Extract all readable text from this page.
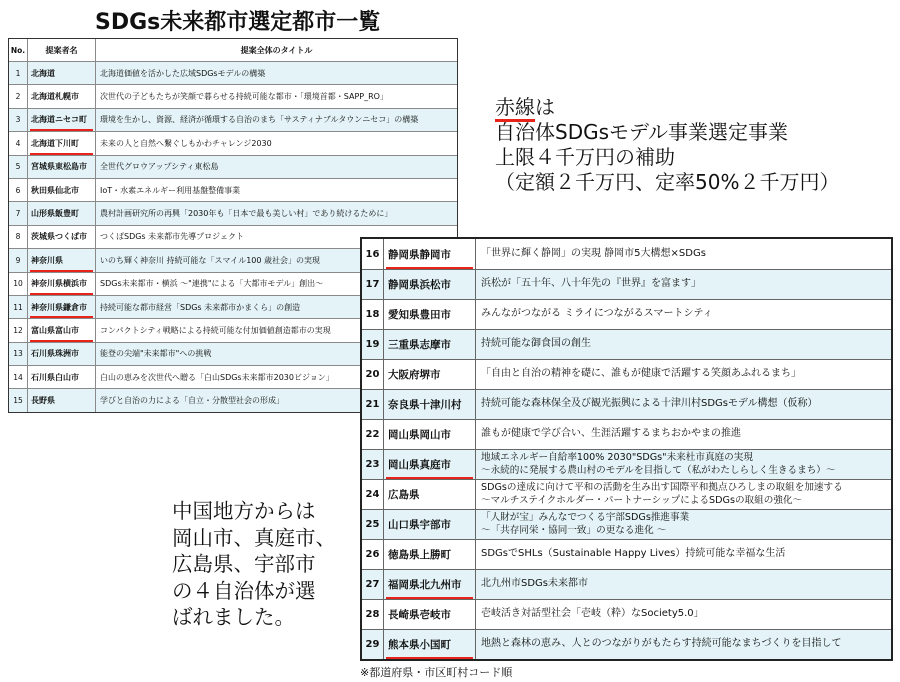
SDGs未来都市選定都市一覧
No.	提案者名	提案全体のタイトル
1	北海道	北海道価値を活かした広域SDGsモデルの構築
2	北海道札幌市	次世代の子どもたちが笑顔で暮らせる持続可能な都市・「環境首都・SAPP_RO」
3	北海道ニセコ町	環境を生かし、資源、経済が循環する自治のまち「サスティナブルタウンニセコ」の構築
4	北海道下川町	未来の人と自然へ繋ぐしもかわチャレンジ2030
5	宮城県東松島市	全世代グロウアップシティ東松島
6	秋田県仙北市	IoT・水素エネルギー利用基盤整備事業
7	山形県飯豊町	農村計画研究所の再興「2030年も「日本で最も美しい村」であり続けるために」
8	茨城県つくば市	つくばSDGs 未来都市先導プロジェクト
9	神奈川県	いのち輝く神奈川 持続可能な「スマイル100 歳社会」の実現
10	神奈川県横浜市	SDGs未来都市・横浜 ～"連携"による「大都市モデル」創出～
11	神奈川県鎌倉市	持続可能な都市経営「SDGs 未来都市かまくら」の創造
12	富山県富山市	コンパクトシティ戦略による持続可能な付加価値創造都市の実現
13	石川県珠洲市	能登の尖端"未来都市"への挑戦
14	石川県白山市	白山の恵みを次世代へ贈る「白山SDGs未来都市2030ビジョン」
15	長野県	学びと自治の力による「自立・分散型社会の形成」
16 静岡県静岡市	「世界に輝く静岡」の実現 静岡市5大構想×SDGs
17 静岡県浜松市	浜松が「五十年、八十年先の『世界』を富ます」
18 愛知県豊田市	みんながつながる ミライにつながるスマートシティ
19 三重県志摩市	持続可能な御食国の創生
20 大阪府堺市	「自由と自治の精神を礎に、誰もが健康で活躍する笑顔あふれるまち」
21 奈良県十津川村 持続可能な森林保全及び観光振興による十津川村SDGsモデル構想（仮称）
22 岡山県岡山市	誰もが健康で学び合い、生涯活躍するまちおかやまの推進
23 岡山県真庭市
地域エネルギー自給率100% 2030"SDGs"未来杜市真庭の実現
～永続的に発展する農山村のモデルを目指して（私がわたしらしく生きるまち）～
24 広島県
SDGsの達成に向けて平和の活動を生み出す国際平和拠点ひろしまの取組を加速する
～マルチステイクホルダー・パートナーシップによるSDGsの取組の強化～
25 山口県宇部市
「人財が宝」みんなでつくる宇部SDGs推進事業
～「共存同栄・協同一致」の更なる進化 ～
26 徳島県上勝町	SDGsでSHLs（Sustainable Happy Lives）持続可能な幸福な生活
27 福岡県北九州市 北九州市SDGs未来都市
28 長崎県壱岐市	壱岐活き対話型社会「壱岐（粋）なSociety5.0」
29 熊本県小国町	地熱と森林の恵み、人とのつながりがもたらす持続可能なまちづくりを目指して
赤線は
自治体SDGsモデル事業選定事業
上限４千万円の補助
（定額２千万円、定率50%２千万円）
中国地方からは
岡山市、真庭市、
広島県、宇部市
の４自治体が選
ばれました。
※都道府県・市区町村コード順
